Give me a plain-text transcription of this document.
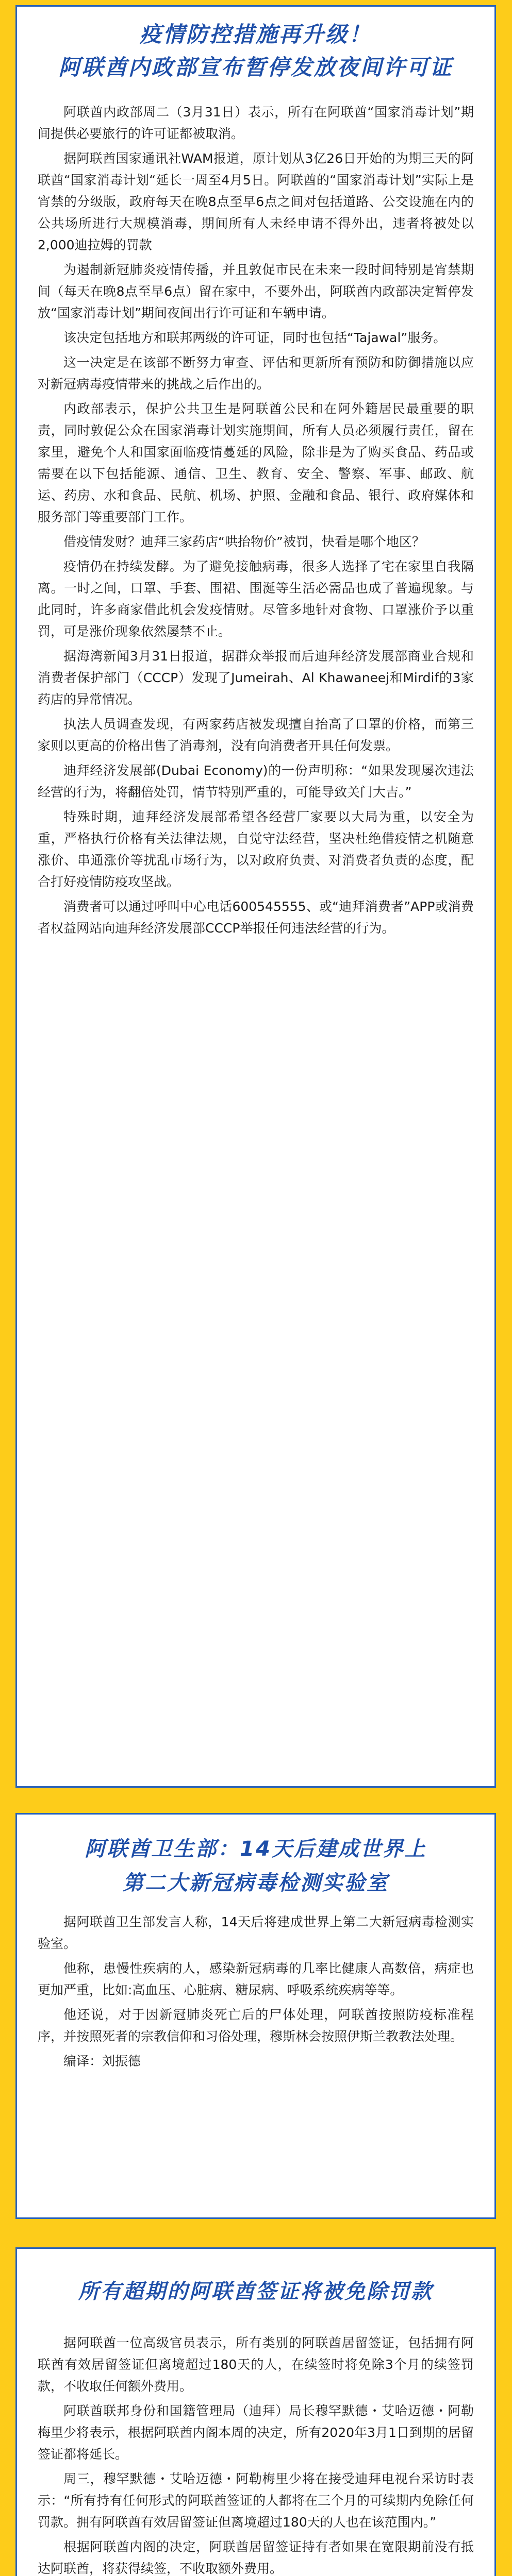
疫情防控措施再升级！
阿联酋内政部宣布暂停发放夜间许可证

阿联酋内政部周二（3月31日）表示，所有在阿联酋“国家消毒计划”期间提供必要旅行的许可证都被取消。

据阿联酋国家通讯社WAM报道，原计划从3亿26日开始的为期三天的阿联酋“国家消毒计划“延长一周至4月5日。阿联酋的“国家消毒计划”实际上是宵禁的分级版，政府每天在晚8点至早6点之间对包括道路、公交设施在内的公共场所进行大规模消毒，期间所有人未经申请不得外出，违者将被处以2,000迪拉姆的罚款

为遏制新冠肺炎疫情传播，并且敦促市民在未来一段时间特别是宵禁期间（每天在晚8点至早6点）留在家中，不要外出，阿联酋内政部决定暂停发放“国家消毒计划”期间夜间出行许可证和车辆申请。

该决定包括地方和联邦两级的许可证，同时也包括“Tajawal”服务。

这一决定是在该部不断努力审查、评估和更新所有预防和防御措施以应对新冠病毒疫情带来的挑战之后作出的。

内政部表示，保护公共卫生是阿联酋公民和在阿外籍居民最重要的职责，同时敦促公众在国家消毒计划实施期间，所有人员必须履行责任，留在家里，避免个人和国家面临疫情蔓延的风险，除非是为了购买食品、药品或需要在以下包括能源、通信、卫生、教育、安全、警察、军事、邮政、航运、药房、水和食品、民航、机场、护照、金融和食品、银行、政府媒体和服务部门等重要部门工作。

借疫情发财？迪拜三家药店“哄抬物价”被罚，快看是哪个地区？

疫情仍在持续发酵。为了避免接触病毒，很多人选择了宅在家里自我隔离。一时之间，口罩、手套、围裙、围涎等生活必需品也成了普遍现象。与此同时，许多商家借此机会发疫情财。尽管多地针对食物、口罩涨价予以重罚，可是涨价现象依然屡禁不止。

据海湾新闻3月31日报道，据群众举报而后迪拜经济发展部商业合规和消费者保护部门（CCCP）发现了Jumeirah、Al Khawaneej和Mirdif的3家药店的异常情况。

执法人员调查发现，有两家药店被发现擅自抬高了口罩的价格，而第三家则以更高的价格出售了消毒剂，没有向消费者开具任何发票。

迪拜经济发展部(Dubai Economy)的一份声明称：“如果发现屡次违法经营的行为，将翻倍处罚，情节特别严重的，可能导致关门大吉。”

特殊时期，迪拜经济发展部希望各经营厂家要以大局为重，以安全为重，严格执行价格有关法律法规，自觉守法经营，坚决杜绝借疫情之机随意涨价、串通涨价等扰乱市场行为，以对政府负责、对消费者负责的态度，配合打好疫情防疫攻坚战。

消费者可以通过呼叫中心电话600545555、或“迪拜消费者”APP或消费者权益网站向迪拜经济发展部CCCP举报任何违法经营的行为。

阿联酋卫生部：14天后建成世界上
第二大新冠病毒检测实验室

据阿联酋卫生部发言人称，14天后将建成世界上第二大新冠病毒检测实验室。

他称，患慢性疾病的人，感染新冠病毒的几率比健康人高数倍，病症也更加严重，比如:高血压、心脏病、糖尿病、呼吸系统疾病等等。

他还说，对于因新冠肺炎死亡后的尸体处理，阿联酋按照防疫标准程序，并按照死者的宗教信仰和习俗处理，穆斯林会按照伊斯兰教教法处理。

编译：刘振德
所有超期的阿联酋签证将被免除罚款

据阿联酋一位高级官员表示，所有类别的阿联酋居留签证，包括拥有阿联酋有效居留签证但离境超过180天的人，在续签时将免除3个月的续签罚款，不收取任何额外费用。

阿联酋联邦身份和国籍管理局（迪拜）局长穆罕默德・艾哈迈德・阿勒梅里少将表示，根据阿联酋内阁本周的决定，所有2020年3月1日到期的居留签证都将延长。

周三，穆罕默德・艾哈迈德・阿勒梅里少将在接受迪拜电视台采访时表示：“所有持有任何形式的阿联酋签证的人都将在三个月的可续期内免除任何罚款。拥有阿联酋有效居留签证但离境超过180天的人也在该范围内。”

根据阿联酋内阁的决定，阿联酋居留签证持有者如果在宽限期前没有抵达阿联酋，将获得续签，不收取额外费用。
